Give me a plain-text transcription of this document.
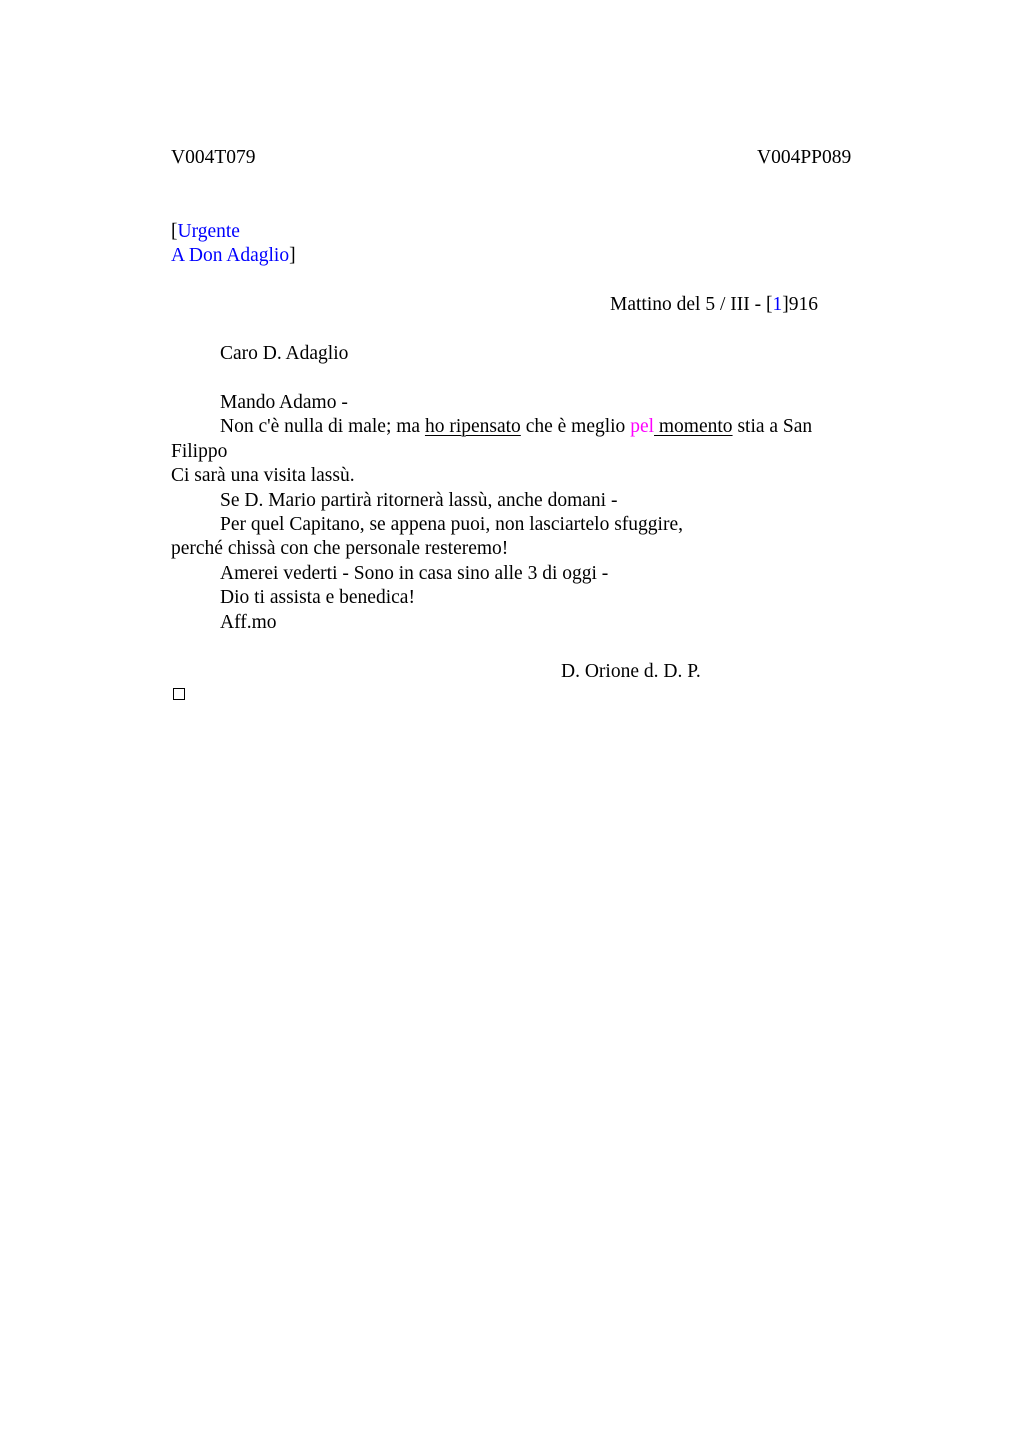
V004T079	V004PP089
[Urgente
A Don Adaglio]
Mattino del 5 / III - [1]916
Caro D. Adaglio
Mando Adamo -
Non c'è nulla di male; ma ho ripensato che è meglio pel momento stia a San
Filippo
Ci sarà una visita lassù.
Se D. Mario partirà ritornerà lassù, anche domani -
Per quel Capitano, se appena puoi, non lasciartelo sfuggire,
perché chissà con che personale resteremo!
Amerei vederti - Sono in casa sino alle 3 di oggi -
Dio ti assista e benedica!
Aff.mo
D. Orione d. D. P.
